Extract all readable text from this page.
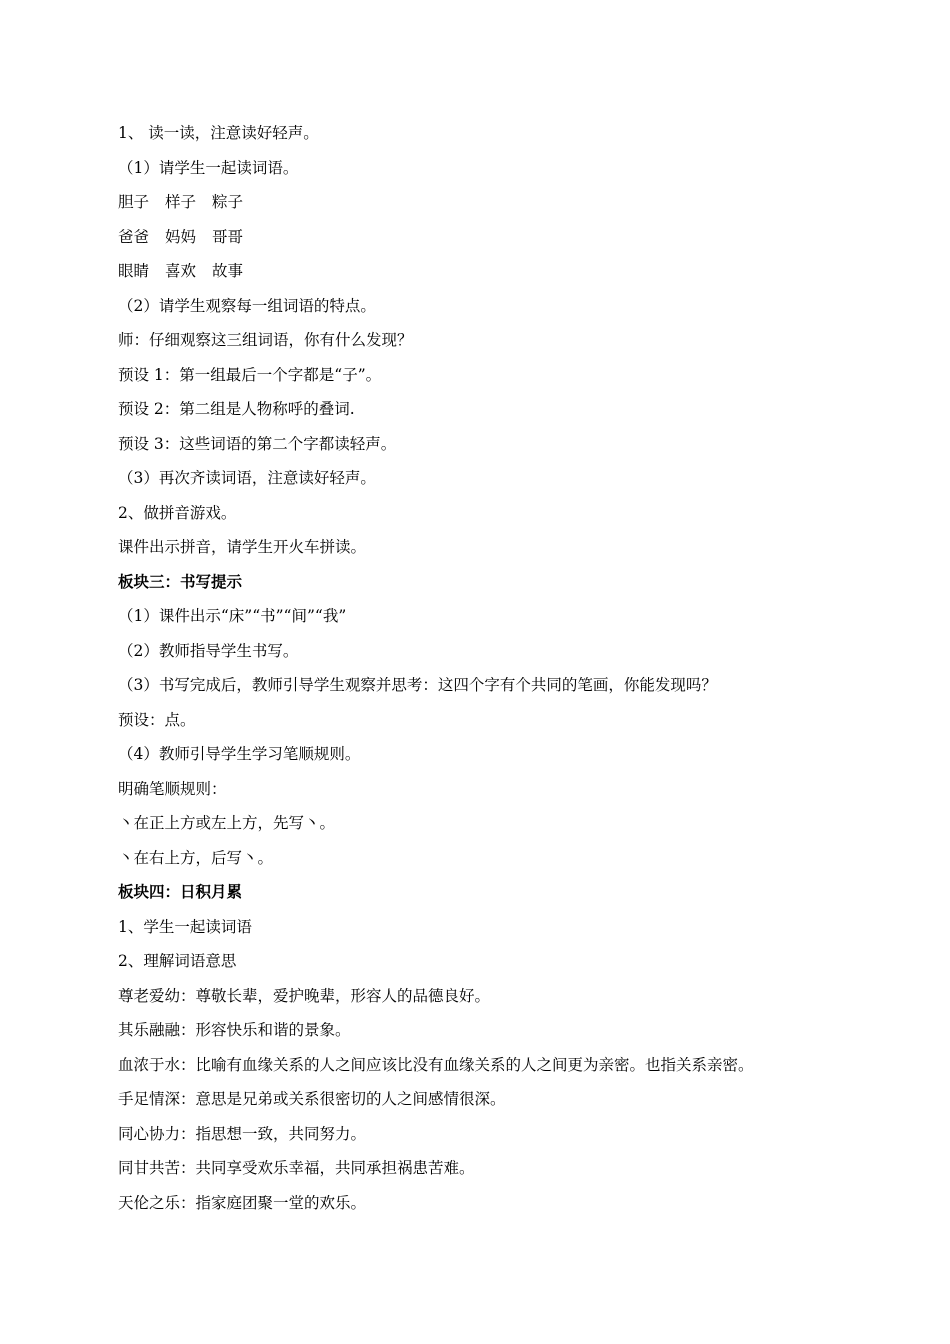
1、 读一读，注意读好轻声。
（1）请学生一起读词语。
胆子 样子 粽子
爸爸 妈妈 哥哥
眼睛 喜欢 故事
（2）请学生观察每一组词语的特点。
师：仔细观察这三组词语，你有什么发现？
预设 1：第一组最后一个字都是“子”。
预设 2：第二组是人物称呼的叠词.
预设 3：这些词语的第二个字都读轻声。
（3）再次齐读词语，注意读好轻声。
2、做拼音游戏。
课件出示拼音，请学生开火车拼读。
板块三：书写提示
（1）课件出示“床”“书”“间”“我”
（2）教师指导学生书写。
（3）书写完成后，教师引导学生观察并思考：这四个字有个共同的笔画，你能发现吗？
预设：点。
（4）教师引导学生学习笔顺规则。
明确笔顺规则：
丶在正上方或左上方，先写丶。
丶在右上方，后写丶。
板块四：日积月累
1、学生一起读词语
2、理解词语意思
尊老爱幼：尊敬长辈，爱护晚辈，形容人的品德良好。
其乐融融：形容快乐和谐的景象。
血浓于水：比喻有血缘关系的人之间应该比没有血缘关系的人之间更为亲密。也指关系亲密。
手足情深：意思是兄弟或关系很密切的人之间感情很深。
同心协力：指思想一致，共同努力。
同甘共苦：共同享受欢乐幸福，共同承担祸患苦难。
天伦之乐：指家庭团聚一堂的欢乐。
